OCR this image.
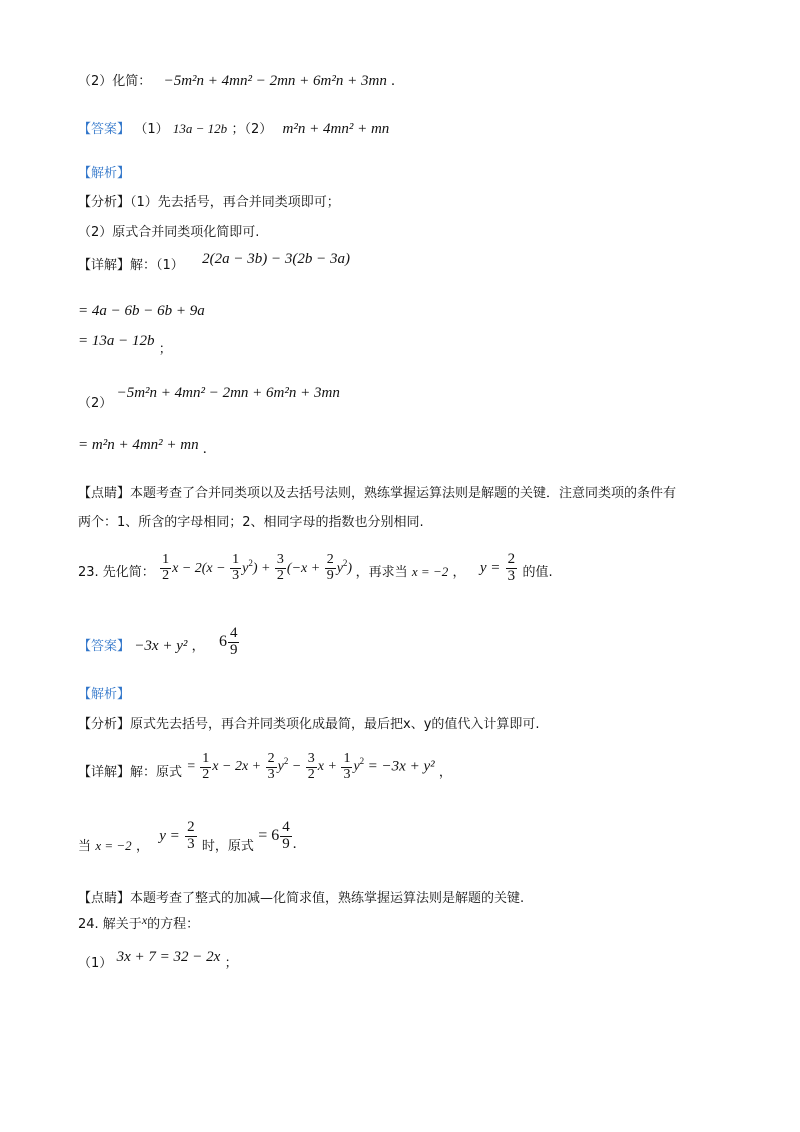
（2）化简： −5m²n + 4mn² − 2mn + 6m²n + 3mn .
【答案】 （1） 13a − 12b ；（2） m²n + 4mn² + mn
【解析】
【分析】（1）先去括号，再合并同类项即可；
（2）原式合并同类项化简即可.
【详解】解：（1） 2(2a − 3b) − 3(2b − 3a)
= 4a − 6b − 6b + 9a
= 13a − 12b ；
（2） −5m²n + 4mn² − 2mn + 6m²n + 3mn
= m²n + 4mn² + mn .
【点睛】本题考查了合并同类项以及去括号法则，熟练掌握运算法则是解题的关键．注意同类项的条件有
两个：1、所含的字母相同；2、相同字母的指数也分别相同.
23. 先化简： $\frac{1}{2}$ $x - 2(x - \frac{1}{3} y^2) + \frac{3}{2} (-x + \frac{2}{9} y^2)$ ，再求当 x = −2 ， $y = \frac{2}{3}$ 的值.
【答案】 −3x + y² ， $6 \frac{4}{9}$
【解析】
【分析】原式先去括号，再合并同类项化成最简，最后把x、y的值代入计算即可.
【详解】解：原式 = $\frac{1}{2}$ $x - 2x + \frac{2}{3} y^2 - \frac{3}{2}$ $x + \frac{1}{3} y^2 = -3x + y^2$ ，
当 x = −2 ， $y = \frac{2}{3}$ 时，原式 = $6 \frac{4}{9}$ .
【点睛】本题考查了整式的加减—化简求值，熟练掌握运算法则是解题的关键.
24. 解关于x的方程：
（1） 3x + 7 = 32 − 2x ；
